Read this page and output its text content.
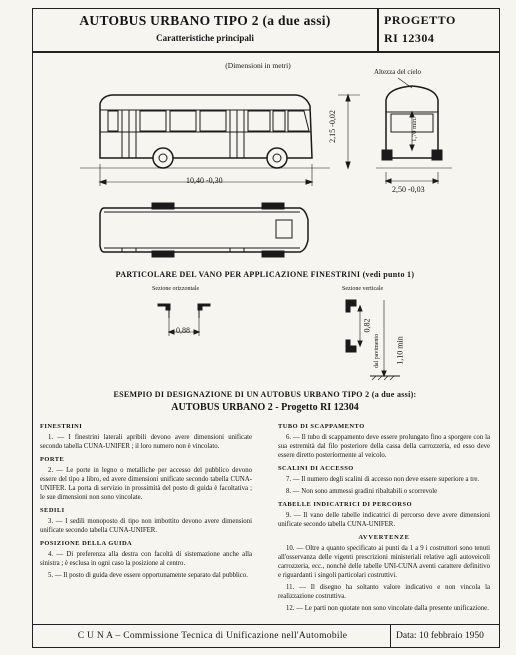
AUTOBUS URBANO TIPO 2 (a due assi)
Caratteristiche principali
PROGETTO
RI 12304
(Dimensioni in metri)
Altezza del cielo
10,40 -0,30
2,15 -0,02
2,50 -0,03
1,70 min.
PARTICOLARE DEL VANO PER APPLICAZIONE FINESTRINI (vedi punto 1)
Sezione orizzontale	Sezione verticale
0,88	0,82
dal pavimento 1,10 min
ESEMPIO DI DESIGNAZIONE DI UN AUTOBUS URBANO TIPO 2 (a due assi):
AUTOBUS URBANO 2 - Progetto RI 12304
FINESTRINI

1. — I finestrini laterali apribili devono avere dimensioni unificate secondo tabella CUNA-UNIFER ; il loro numero non è vincolato.

PORTE

2. — Le porte in legno o metalliche per accesso del pubblico devono essere del tipo a libro, ed avere dimensioni unificate secondo tabella CUNA-UNIFER. La porta di servizio in prossimità del posto di guida è facoltativa ; le sue dimensioni non sono vincolate.

SEDILI

3. — I sedili monoposto di tipo non imbottito devono avere dimensioni unificate secondo tabella CUNA-UNIFER.

POSIZIONE DELLA GUIDA

4. — Di preferenza alla destra con facoltà di sistemazione anche alla sinistra ; è esclusa in ogni caso la posizione al centro.

5. — Il posto di guida deve essere opportunamente separato dal pubblico.

TUBO DI SCAPPAMENTO

6. — Il tubo di scappamento deve essere prolungato fino a sporgere con la sua estremità dal filo posteriore della cassa della carrozzeria, ed esso deve essere diretto posteriormente al veicolo.

SCALINI DI ACCESSO

7. — Il numero degli scalini di accesso non deve essere superiore a tre.

8. — Non sono ammessi gradini ribaltabili o scorrevole

TABELLE INDICATRICI DI PERCORSO

9. — Il vano delle tabelle indicatrici di percorso deve avere dimensioni unificate secondo tabella CUNA-UNIFER.

AVVERTENZE

10. — Oltre a quanto specificato ai punti da 1 a 9 i costruttori sono tenuti all'osservanza delle vigenti prescrizioni ministeriali relative agli autoveicoli carrozzeria, ecc., nonchè delle tabelle UNI-CUNA aventi carattere definitivo e riguardanti i singoli particolari costruttivi.

11. — Il disegno ha soltanto valore indicativo e non vincola la realizzazione costruttiva.

12. — Le parti non quotate non sono vincolate dalla presente unificazione.

C U N A – Commissione Tecnica di Unificazione nell'Automobile	Data: 10 febbraio 1950
